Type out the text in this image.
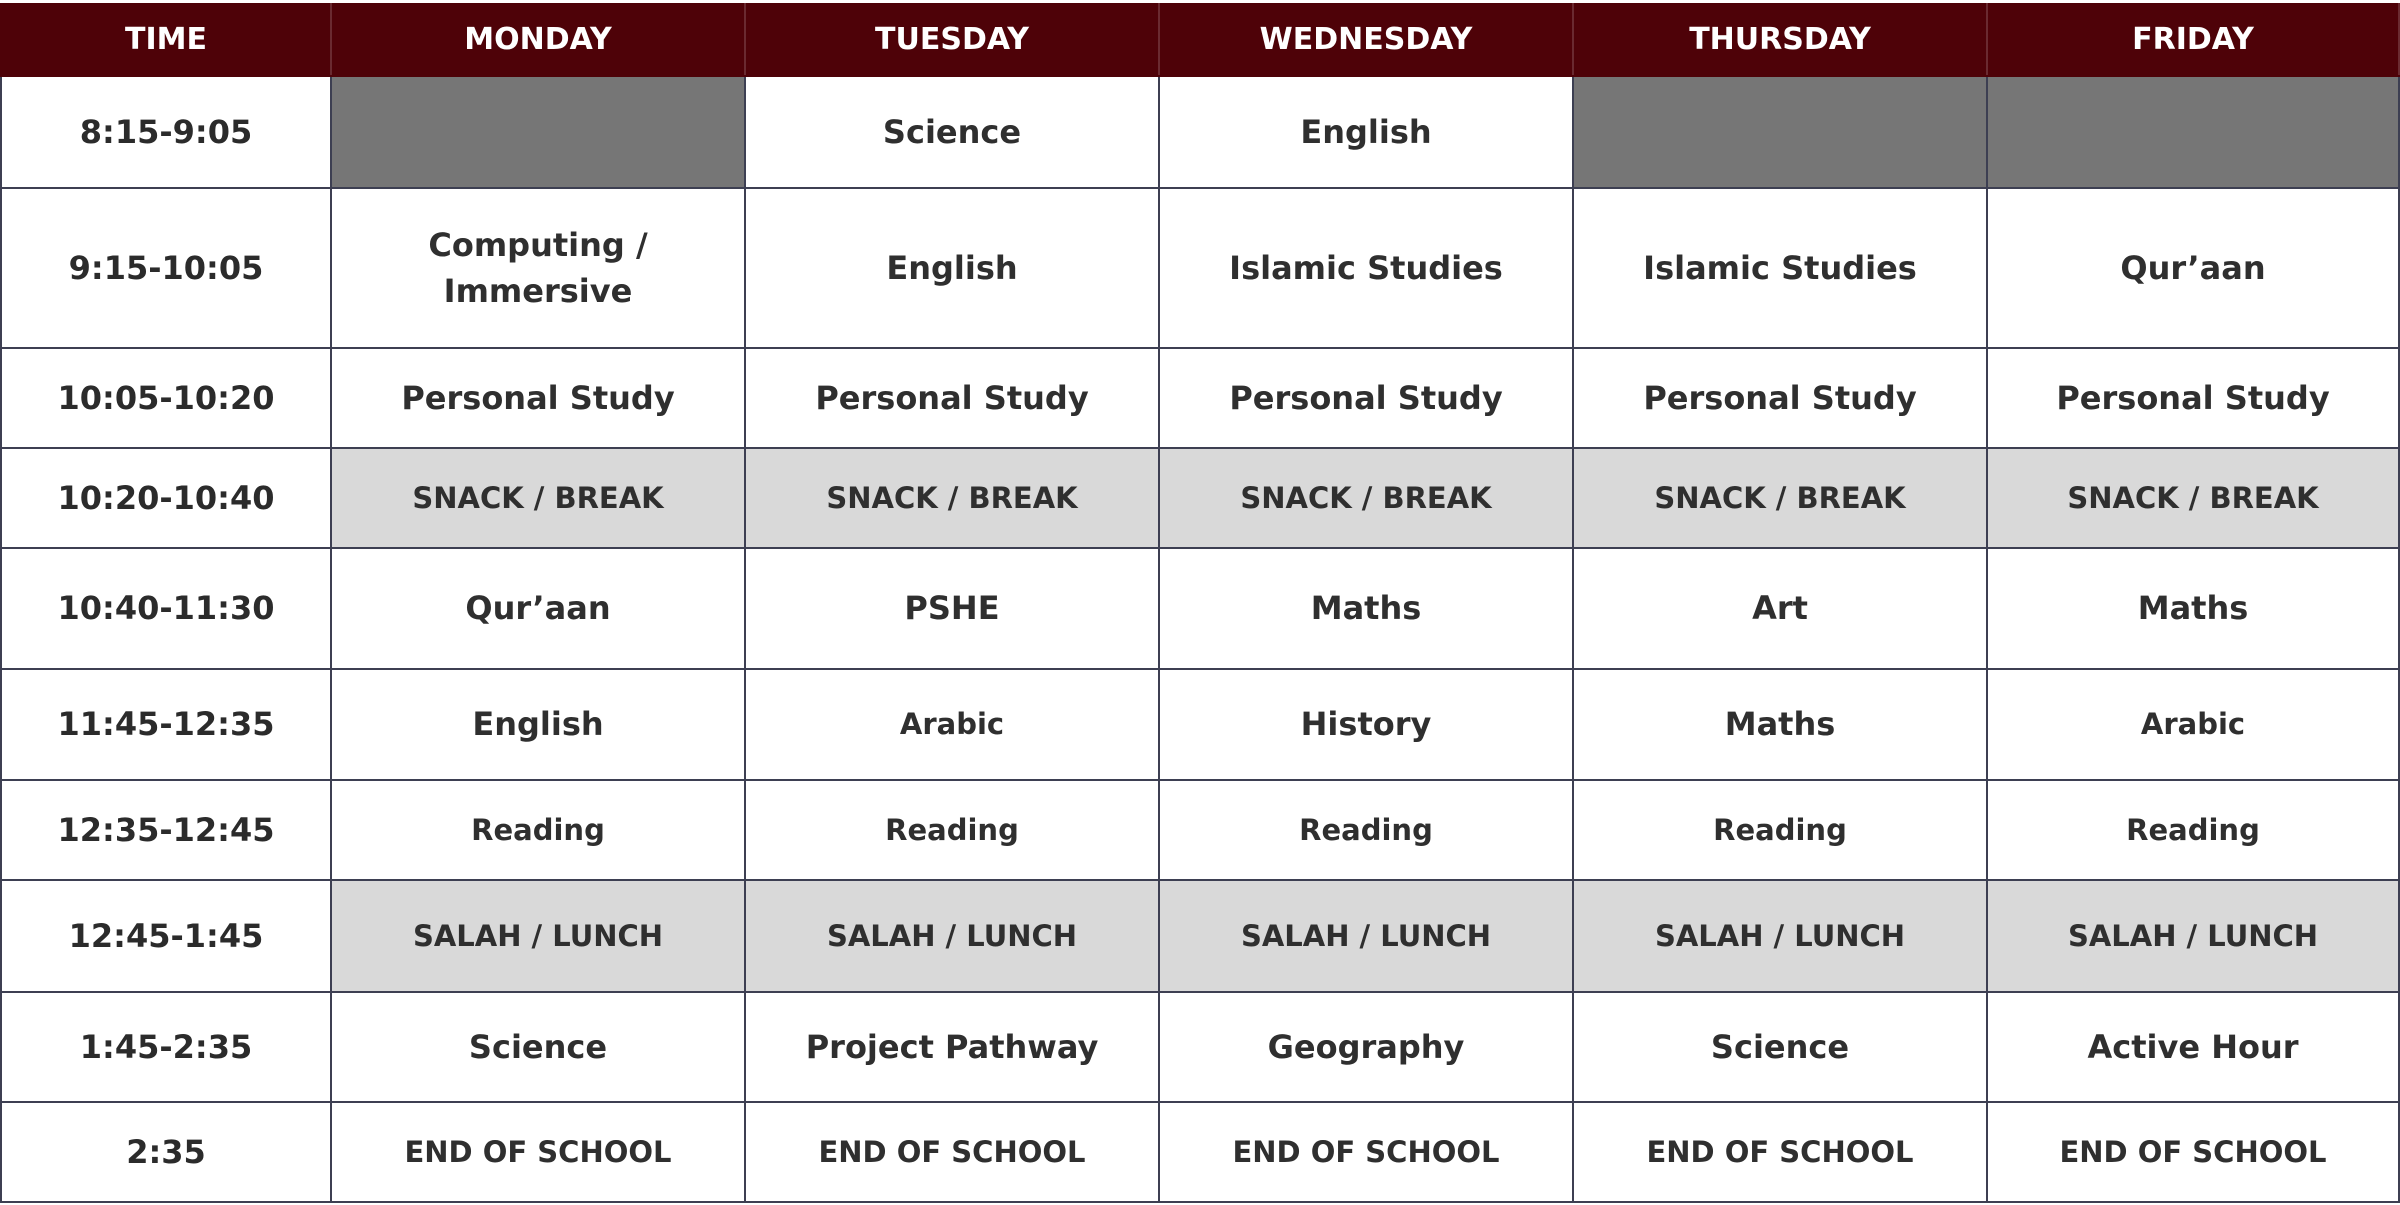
TIME	MONDAY	TUESDAY	WEDNESDAY	THURSDAY	FRIDAY
8:15-9:05		Science	English		
9:15-10:05	Computing / Immersive	English	Islamic Studies	Islamic Studies	Qur’aan
10:05-10:20	Personal Study	Personal Study	Personal Study	Personal Study	Personal Study
10:20-10:40	SNACK / BREAK	SNACK / BREAK	SNACK / BREAK	SNACK / BREAK	SNACK / BREAK
10:40-11:30	Qur’aan	PSHE	Maths	Art	Maths
11:45-12:35	English	Arabic	History	Maths	Arabic
12:35-12:45	Reading	Reading	Reading	Reading	Reading
12:45-1:45	SALAH / LUNCH	SALAH / LUNCH	SALAH / LUNCH	SALAH / LUNCH	SALAH / LUNCH
1:45-2:35	Science	Project Pathway	Geography	Science	Active Hour
2:35	END OF SCHOOL	END OF SCHOOL	END OF SCHOOL	END OF SCHOOL	END OF SCHOOL
